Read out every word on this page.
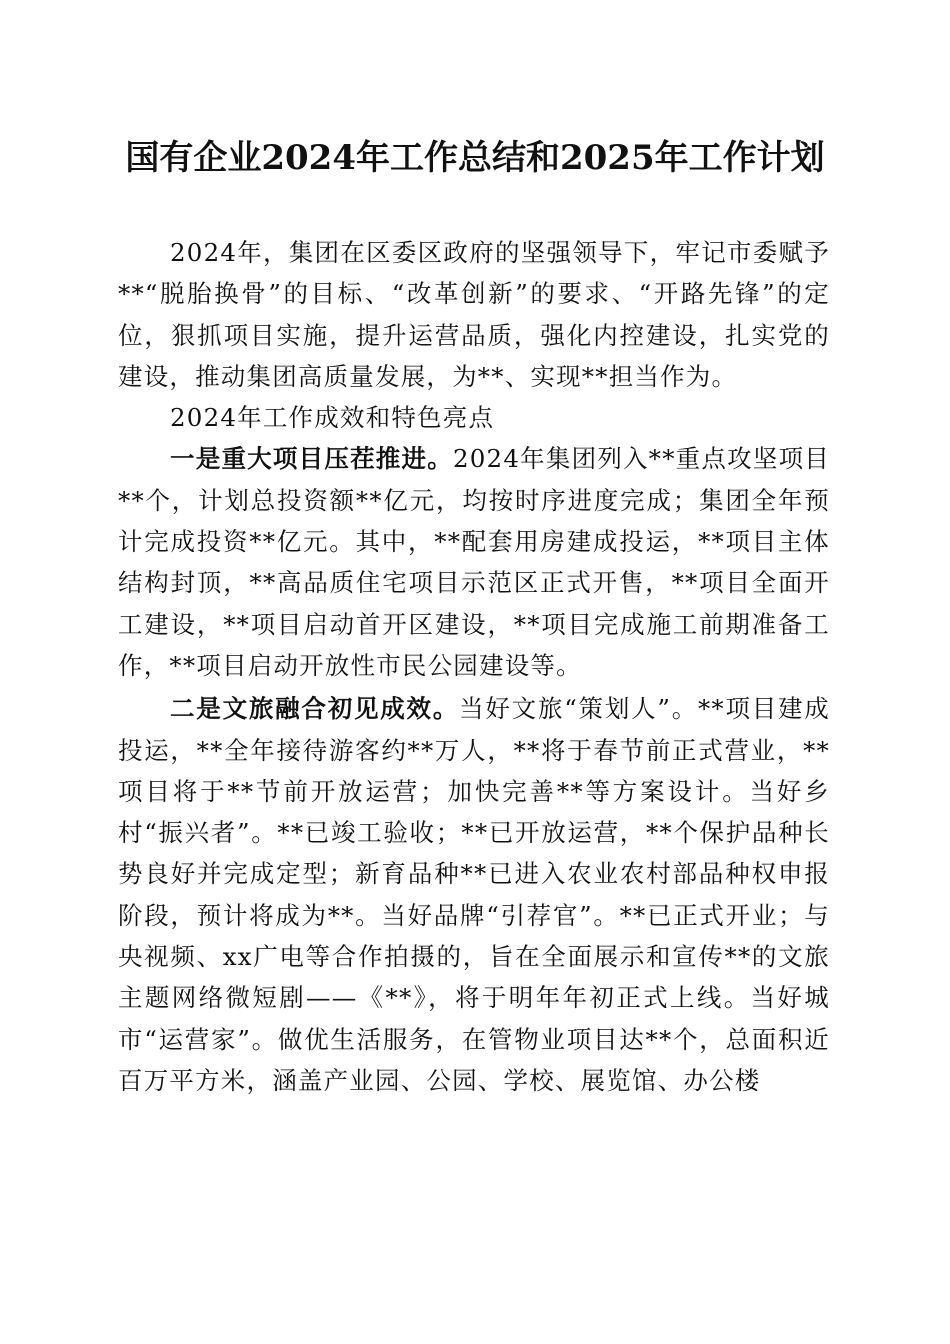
国有企业2024年工作总结和2025年工作计划

2024年，集团在区委区政府的坚强领导下，牢记市委赋予**“脱胎换骨”的目标、“改革创新”的要求、“开路先锋”的定位，狠抓项目实施，提升运营品质，强化内控建设，扎实党的建设，推动集团高质量发展，为**、实现**担当作为。

2024年工作成效和特色亮点

一是重大项目压茬推进。2024年集团列入**重点攻坚项目**个，计划总投资额**亿元，均按时序进度完成；集团全年预计完成投资**亿元。其中，**配套用房建成投运，**项目主体结构封顶，**高品质住宅项目示范区正式开售，**项目全面开工建设，**项目启动首开区建设，**项目完成施工前期准备工作，**项目启动开放性市民公园建设等。

二是文旅融合初见成效。当好文旅“策划人”。**项目建成投运，**全年接待游客约**万人，**将于春节前正式营业，**项目将于**节前开放运营；加快完善**等方案设计。当好乡村“振兴者”。**已竣工验收；**已开放运营，**个保护品种长势良好并完成定型；新育品种**已进入农业农村部品种权申报阶段，预计将成为**。当好品牌“引荐官”。**已正式开业；与央视频、xx广电等合作拍摄的，旨在全面展示和宣传**的文旅主题网络微短剧——《**》，将于明年年初正式上线。当好城市“运营家”。做优生活服务，在管物业项目达**个，总面积近百万平方米，涵盖产业园、公园、学校、展览馆、办公楼
